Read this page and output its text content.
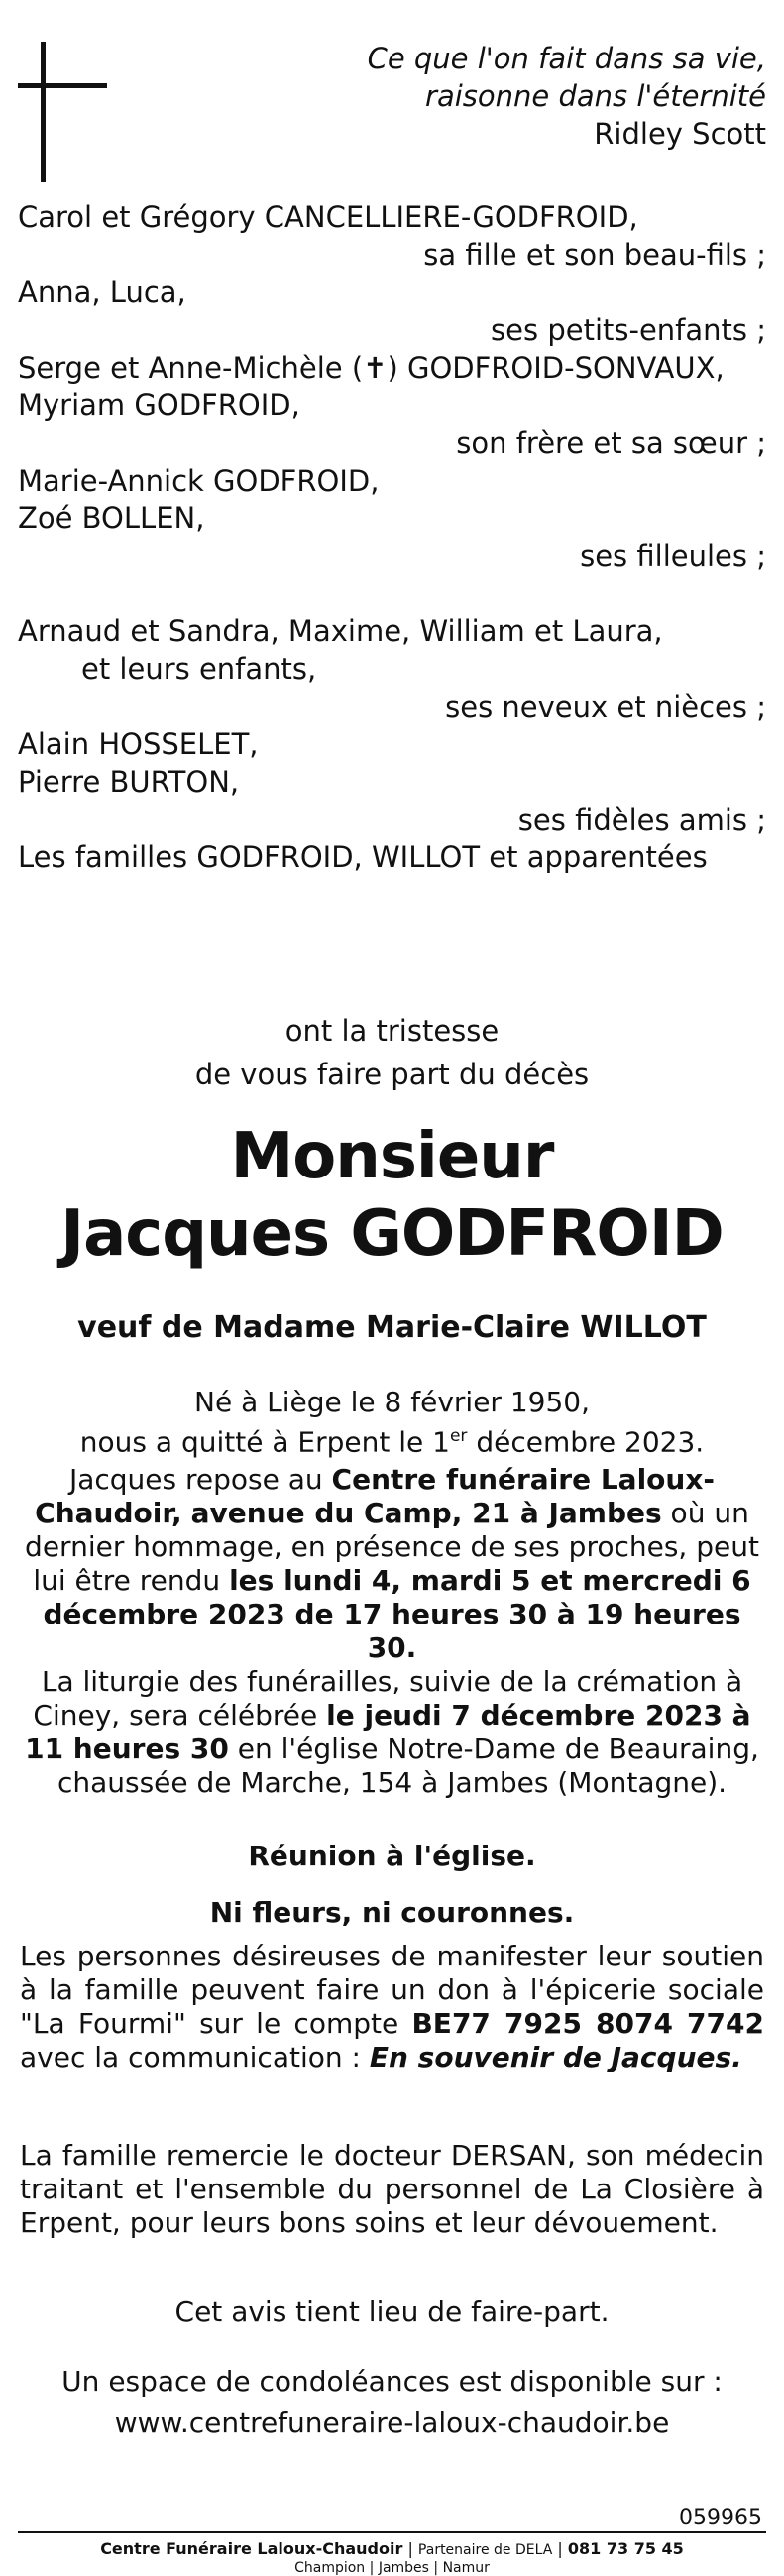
Ce que l'on fait dans sa vie,
raisonne dans l'éternité
Ridley Scott
Carol et Grégory CANCELLIERE-GODFROID,
sa fille et son beau-fils ;
Anna, Luca,
ses petits-enfants ;
Serge et Anne-Michèle (✝) GODFROID-SONVAUX,
Myriam GODFROID,
son frère et sa sœur ;
Marie-Annick GODFROID,
Zoé BOLLEN,
ses filleules ;
Arnaud et Sandra, Maxime, William et Laura,
et leurs enfants,
ses neveux et nièces ;
Alain HOSSELET,
Pierre BURTON,
ses fidèles amis ;
Les familles GODFROID, WILLOT et apparentées
ont la tristesse
de vous faire part du décès
Monsieur
Jacques GODFROID
veuf de Madame Marie-Claire WILLOT
Né à Liège le 8 février 1950,
nous a quitté à Erpent le 1er décembre 2023.

Jacques repose au Centre funéraire Laloux-Chaudoir, avenue du Camp, 21 à Jambes où un dernier hommage, en présence de ses proches, peut lui être rendu les lundi 4, mardi 5 et mercredi 6 décembre 2023 de 17 heures 30 à 19 heures 30.

La liturgie des funérailles, suivie de la crémation à Ciney, sera célébrée le jeudi 7 décembre 2023 à 11 heures 30 en l'église Notre-Dame de Beauraing, chaussée de Marche, 154 à Jambes (Montagne).

Réunion à l'église.
Ni fleurs, ni couronnes.

Les personnes désireuses de manifester leur soutien à la famille peuvent faire un don à l'épicerie sociale "La Fourmi" sur le compte BE77 7925 8074 7742 avec la communication : En souvenir de Jacques.

La famille remercie le docteur DERSAN, son médecin traitant et l'ensemble du personnel de La Closière à Erpent, pour leurs bons soins et leur dévouement.

Cet avis tient lieu de faire-part.
Un espace de condoléances est disponible sur :
www.centrefuneraire-laloux-chaudoir.be
059965
Centre Funéraire Laloux-Chaudoir | Partenaire de DELA | 081 73 75 45
Champion | Jambes | Namur
